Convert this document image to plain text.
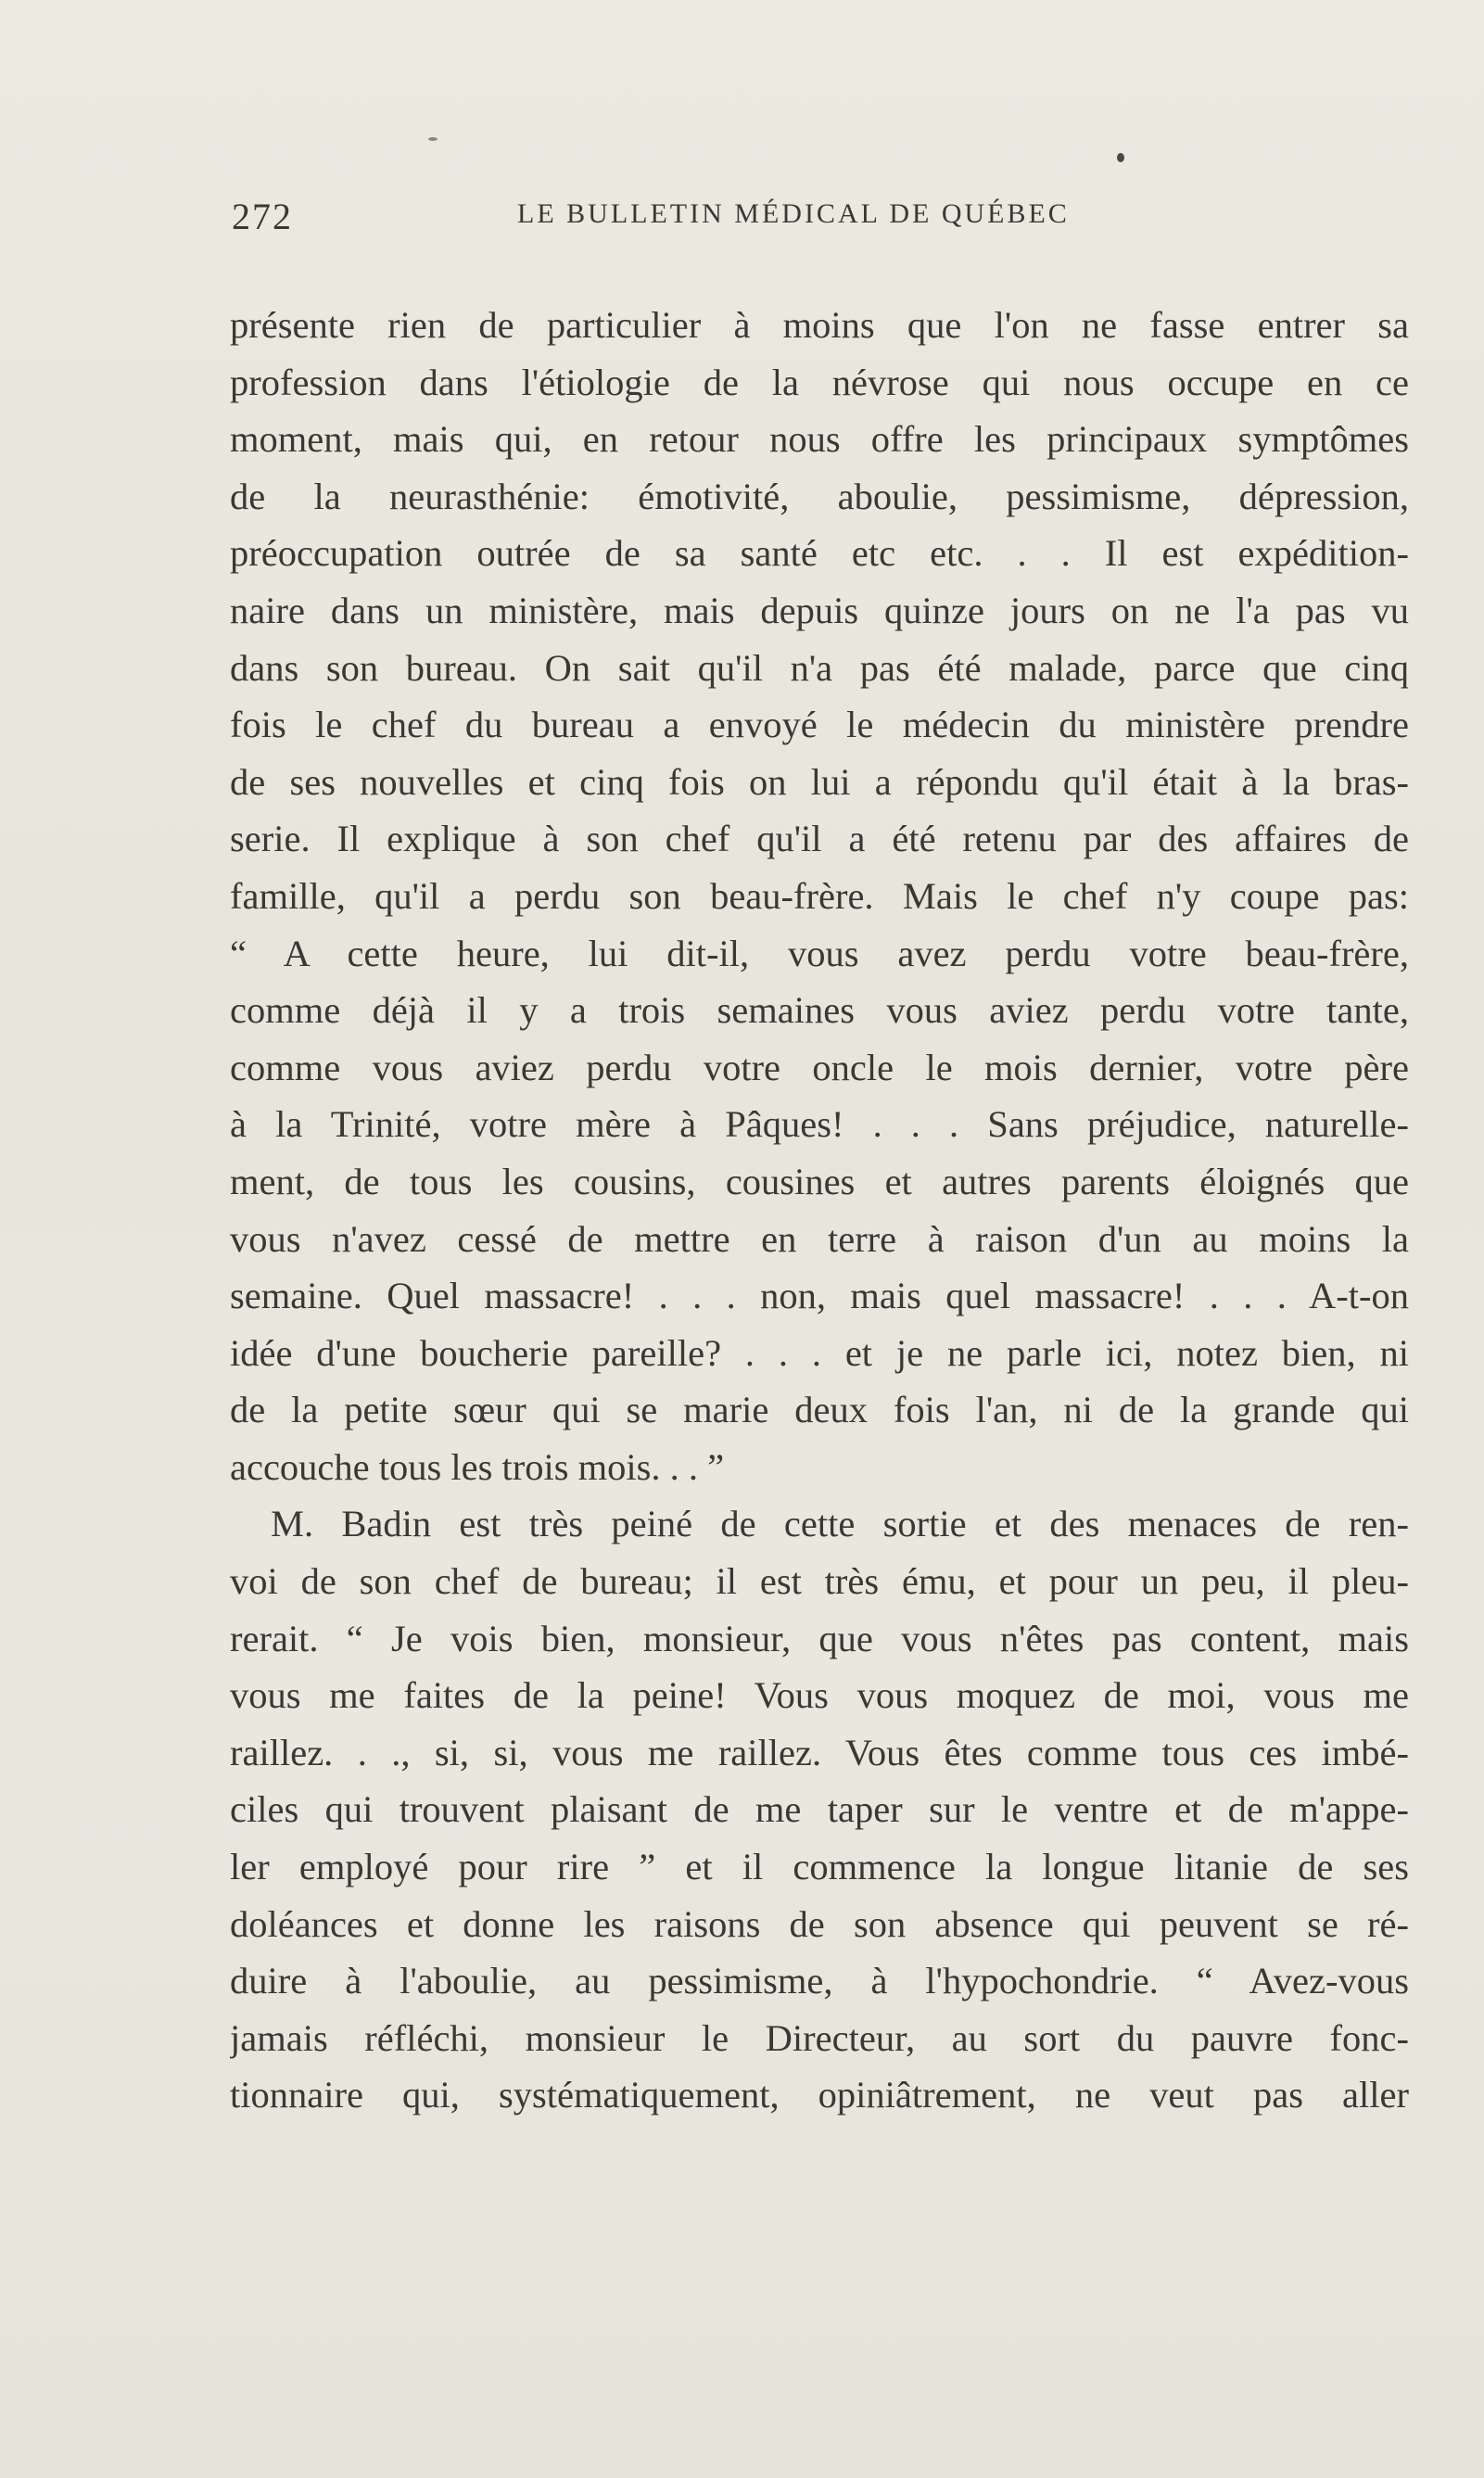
272	LE BULLETIN MÉDICAL DE QUÉBEC
présente rien de particulier à moins que l'on ne fasse entrer sa
profession dans l'étiologie de la névrose qui nous occupe en ce
moment, mais qui, en retour nous offre les principaux symptômes
de la neurasthénie: émotivité, aboulie, pessimisme, dépression,
préoccupation outrée de sa santé etc etc. . . Il est expédition-
naire dans un ministère, mais depuis quinze jours on ne l'a pas vu
dans son bureau. On sait qu'il n'a pas été malade, parce que cinq
fois le chef du bureau a envoyé le médecin du ministère prendre
de ses nouvelles et cinq fois on lui a répondu qu'il était à la bras-
serie. Il explique à son chef qu'il a été retenu par des affaires de
famille, qu'il a perdu son beau-frère. Mais le chef n'y coupe pas:
“ A cette heure, lui dit-il, vous avez perdu votre beau-frère,
comme déjà il y a trois semaines vous aviez perdu votre tante,
comme vous aviez perdu votre oncle le mois dernier, votre père
à la Trinité, votre mère à Pâques! . . . Sans préjudice, naturelle-
ment, de tous les cousins, cousines et autres parents éloignés que
vous n'avez cessé de mettre en terre à raison d'un au moins la
semaine. Quel massacre! . . . non, mais quel massacre! . . . A-t-on
idée d'une boucherie pareille? . . . et je ne parle ici, notez bien, ni
de la petite sœur qui se marie deux fois l'an, ni de la grande qui
accouche tous les trois mois. . . ”
M. Badin est très peiné de cette sortie et des menaces de ren-
voi de son chef de bureau; il est très ému, et pour un peu, il pleu-
rerait. “ Je vois bien, monsieur, que vous n'êtes pas content, mais
vous me faites de la peine! Vous vous moquez de moi, vous me
raillez. . ., si, si, vous me raillez. Vous êtes comme tous ces imbé-
ciles qui trouvent plaisant de me taper sur le ventre et de m'appe-
ler employé pour rire ” et il commence la longue litanie de ses
doléances et donne les raisons de son absence qui peuvent se ré-
duire à l'aboulie, au pessimisme, à l'hypochondrie. “ Avez-vous
jamais réfléchi, monsieur le Directeur, au sort du pauvre fonc-
tionnaire qui, systématiquement, opiniâtrement, ne veut pas aller
